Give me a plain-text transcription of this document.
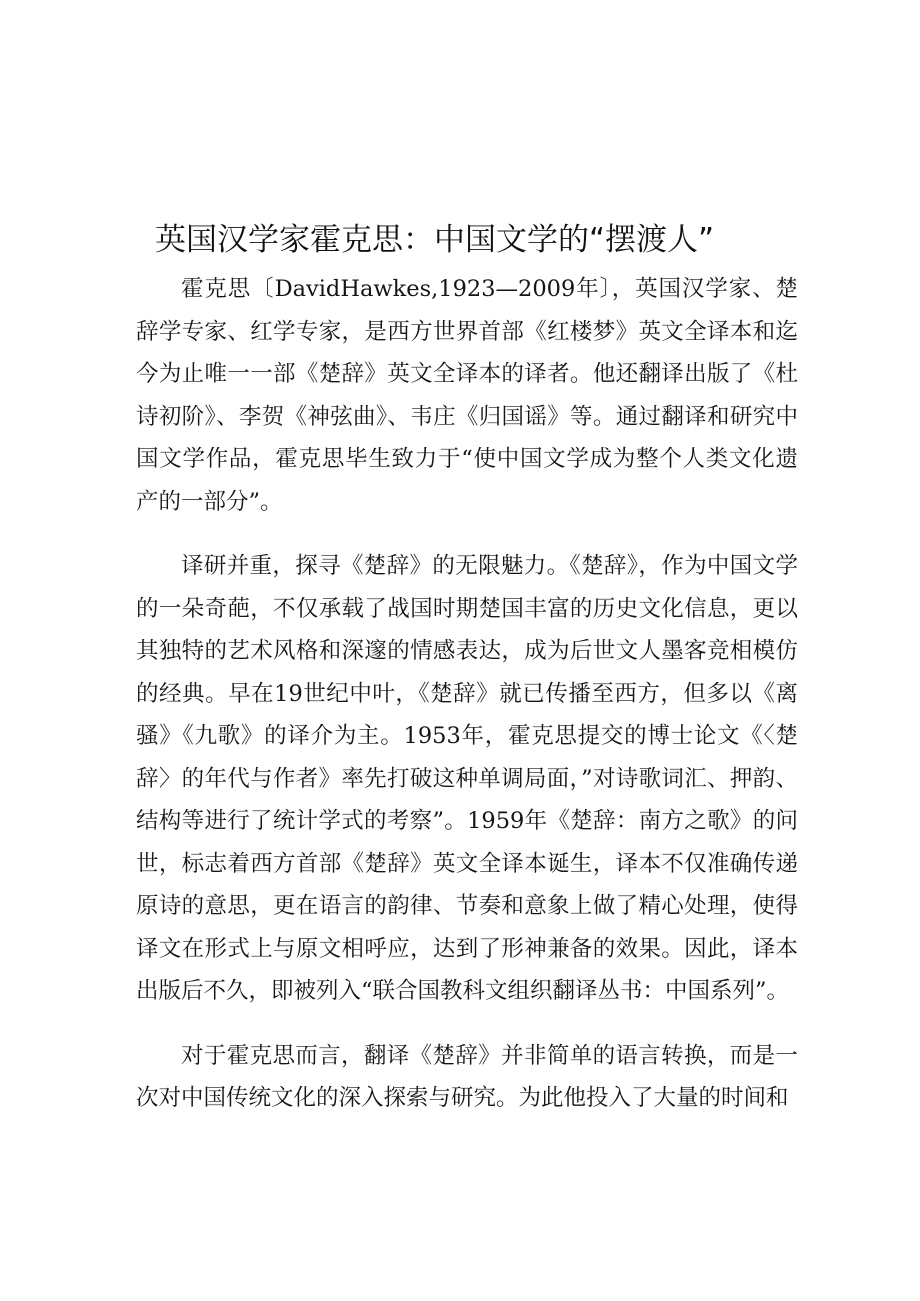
英国汉学家霍克思：中国文学的“摆渡人”

霍克思〔DavidHawkes,1923—2009年〕，英国汉学家、楚辞学专家、红学专家，是西方世界首部《红楼梦》英文全译本和迄今为止唯一一部《楚辞》英文全译本的译者。他还翻译出版了《杜诗初阶》、李贺《神弦曲》、韦庄《归国谣》等。通过翻译和研究中国文学作品，霍克思毕生致力于“使中国文学成为整个人类文化遗产的一部分”。

译研并重，探寻《楚辞》的无限魅力。《楚辞》，作为中国文学的一朵奇葩，不仅承载了战国时期楚国丰富的历史文化信息，更以其独特的艺术风格和深邃的情感表达，成为后世文人墨客竞相模仿的经典。早在19世纪中叶，《楚辞》就已传播至西方，但多以《离骚》《九歌》的译介为主。1953年，霍克思提交的博士论文《〈楚辞〉的年代与作者》率先打破这种单调局面，”对诗歌词汇、押韵、结构等进行了统计学式的考察”。1959年《楚辞：南方之歌》的问世，标志着西方首部《楚辞》英文全译本诞生，译本不仅准确传递原诗的意思，更在语言的韵律、节奏和意象上做了精心处理，使得译文在形式上与原文相呼应，达到了形神兼备的效果。因此，译本出版后不久，即被列入“联合国教科文组织翻译丛书：中国系列”。

对于霍克思而言，翻译《楚辞》并非简单的语言转换，而是一次对中国传统文化的深入探索与研究。为此他投入了大量的时间和
